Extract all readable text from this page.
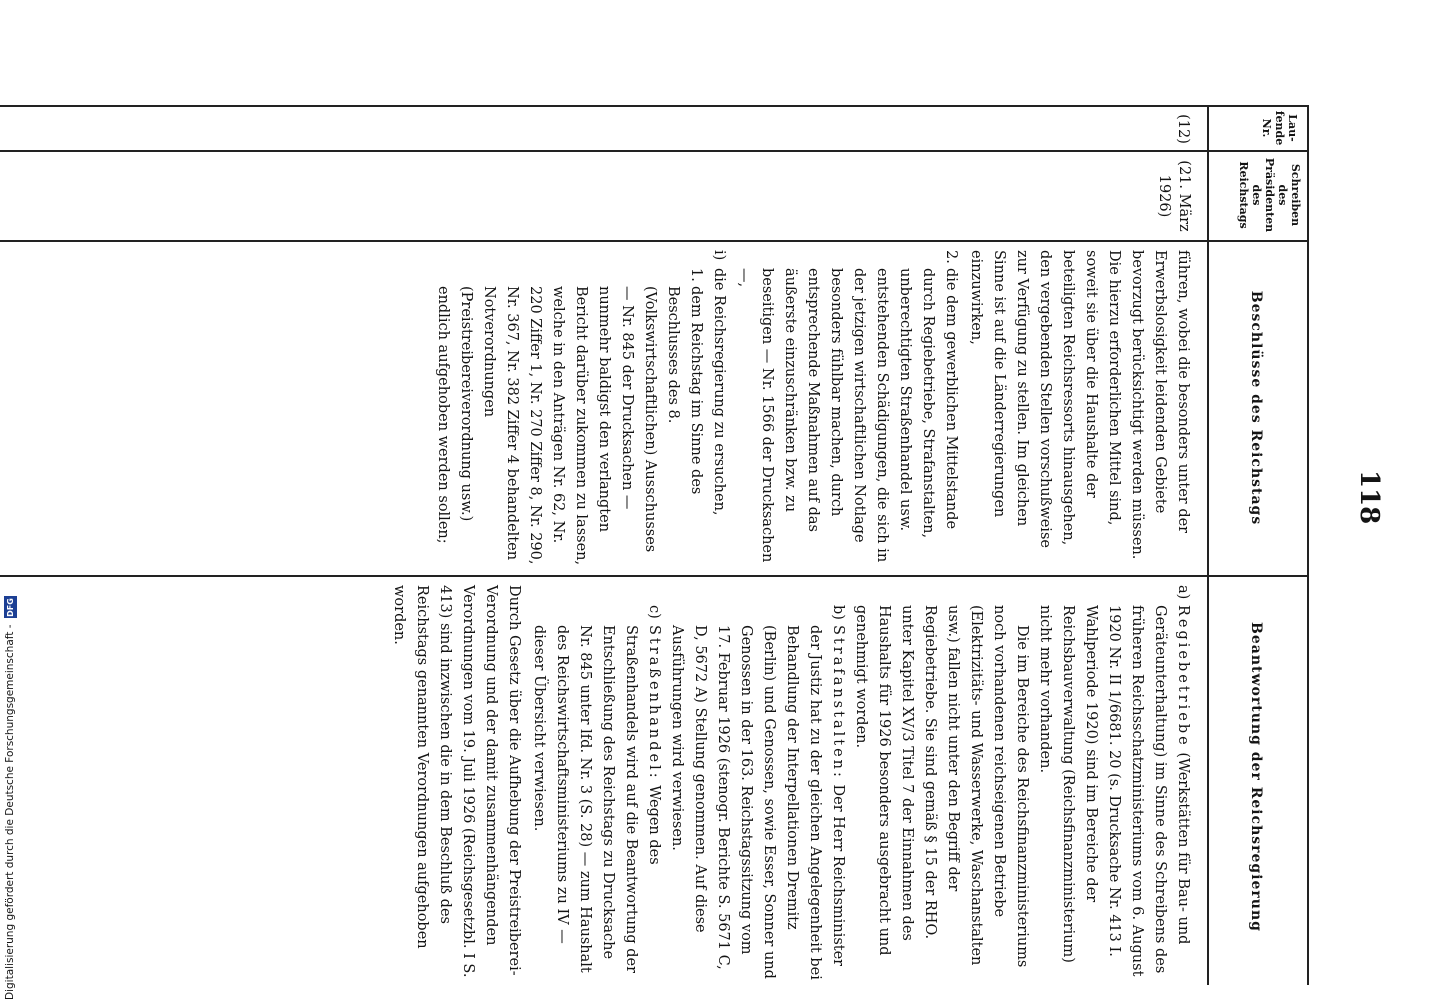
118
Lau-
fende
Nr.
Schreiben
des
Präsidenten
des
Reichstags
Beschlüsse des Reichstags
Beantwortung der Reichsregierung
(12)
(21. März
1926)

führen, wobei die besonders unter der Erwerbslosigkeit leidenden Gebiete bevorzugt berücksichtigt werden müssen. Die hierzu erforderlichen Mittel sind, soweit sie über die Haushalte der beteiligten Reichsressorts hinausgehen, den vergebenden Stellen vorschußweise zur Verfügung zu stellen. Im gleichen Sinne ist auf die Länderregierungen einzuwirken,

2.
die dem gewerblichen Mittelstande durch Regiebetriebe, Strafanstalten, unberechtigten Straßenhandel usw. entstehenden Schädigungen, die sich in der jetzigen wirtschaftlichen Notlage besonders fühlbar machen, durch entsprechende Maßnahmen auf das äußerste einzuschränken bzw. zu beseitigen — Nr. 1566 der Drucksachen —,
i)
die Reichsregierung zu ersuchen,
1.
dem Reichstag im Sinne des Beschlusses des 8. (Volkswirtschaftlichen) Ausschusses — Nr. 845 der Drucksachen — nunmehr baldigst den verlangten Bericht darüber zukommen zu lassen, welche in den Anträgen Nr. 62, Nr. 220 Ziffer 1, Nr. 270 Ziffer 8, Nr. 290, Nr. 367, Nr. 382 Ziffer 4 behandelten Notverordnungen (Preistreibereiverordnung usw.) endlich aufgehoben werden sollen;
a)
Regiebetriebe (Werkstätten für Bau- und Geräteunterhaltung) im Sinne des Schreibens des früheren Reichsschatzministeriums vom 6. August 1920 Nr. II 1/6681. 20 (s. Drucksache Nr. 413 I. Wahlperiode 1920) sind im Bereiche der Reichsbauverwaltung (Reichsfinanzministerium) nicht mehr vorhanden.

Die im Bereiche des Reichsfinanzministeriums noch vorhandenen reichseigenen Betriebe (Elektrizitäts- und Wasserwerke, Waschanstalten usw.) fallen nicht unter den Begriff der Regiebetriebe. Sie sind gemäß § 15 der RHO. unter Kapitel XV/3 Titel 7 der Einnahmen des Haushalts für 1926 besonders ausgebracht und genehmigt worden.

b)
Strafanstalten: Der Herr Reichsminister der Justiz hat zu der gleichen Angelegenheit bei Behandlung der Interpellationen Dremitz (Berlin) und Genossen, sowie Esser, Sonner und Genossen in der 163. Reichstagssitzung vom 17. Februar 1926 (stenogr. Berichte S. 5671 C, D, 5672 A) Stellung genommen. Auf diese Ausführungen wird verwiesen.
c)
Straßenhandel: Wegen des Straßenhandels wird auf die Beantwortung der Entschließung des Reichstags zu Drucksache Nr. 845 unter lfd. Nr. 3 (S. 28) — zum Haushalt des Reichswirtschaftsministeriums zu IV — dieser Übersicht verwiesen.

Durch Gesetz über die Aufhebung der Preistreiberei-Verordnung und der damit zusammenhängenden Verordnungen vom 19. Juli 1926 (Reichsgesetzbl. I S. 413) sind inzwischen die in dem Beschluß des Reichstags genannten Verordnungen aufgehoben worden.

Digitalisierung gefördert durch die Deutsche Forschungsgemeinschaft -
DFG
